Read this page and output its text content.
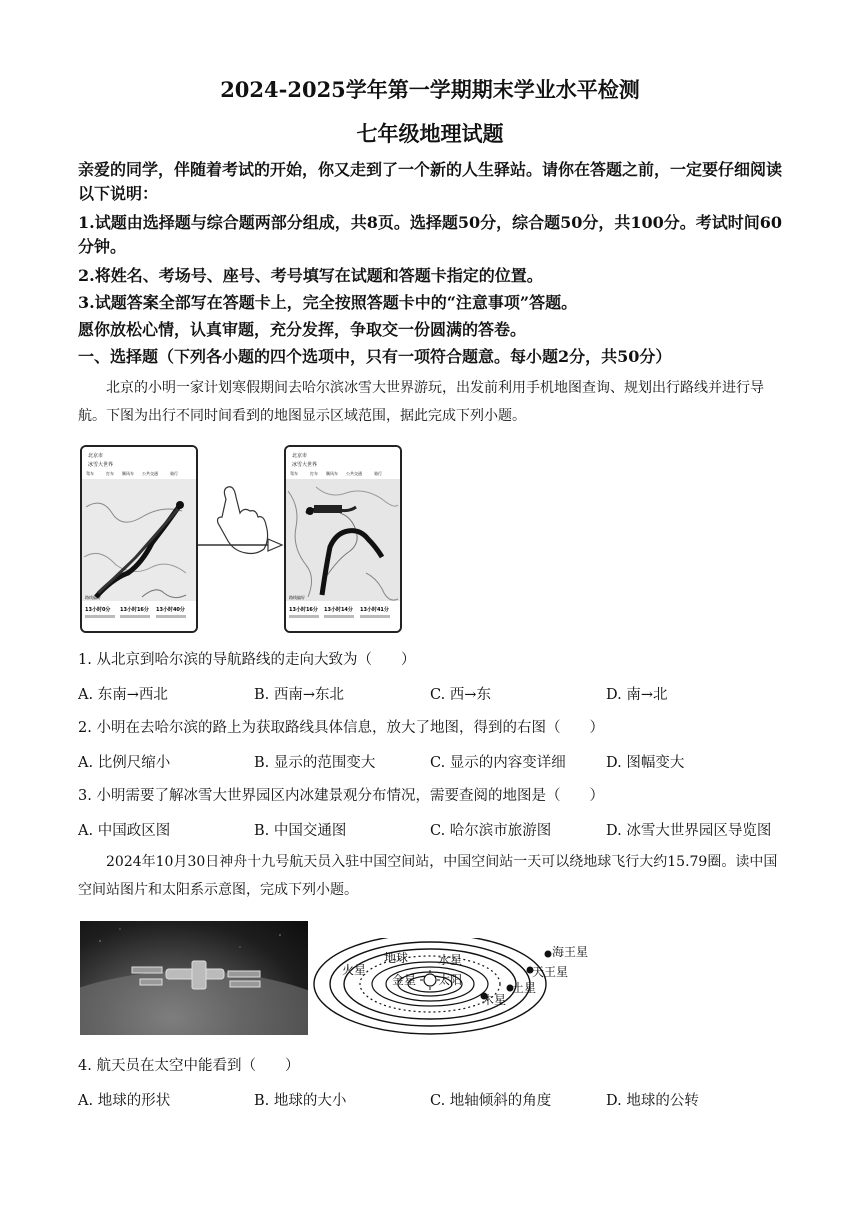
2024-2025学年第一学期期末学业水平检测
七年级地理试题
亲爱的同学，伴随着考试的开始，你又走到了一个新的人生驿站。请你在答题之前，一定要仔细阅读以下说明：
1.试题由选择题与综合题两部分组成，共8页。选择题50分，综合题50分，共100分。考试时间60分钟。
2.将姓名、考场号、座号、考号填写在试题和答题卡指定的位置。
3.试题答案全部写在答题卡上，完全按照答题卡中的“注意事项”答题。
愿你放松心情，认真审题，充分发挥，争取交一份圆满的答卷。
一、选择题（下列各小题的四个选项中，只有一项符合题意。每小题2分，共50分）
北京的小明一家计划寒假期间去哈尔滨冰雪大世界游玩，出发前利用手机地图查询、规划出行路线并进行导航。下图为出行不同时间看到的地图显示区域范围，据此完成下列小题。
北京市
冰雪大世界
驾车	打车 顺风车 公共交通	骑行
13小时0分 13小时16分 13小时40分
路线偏好
北京市
冰雪大世界
驾车	打车 顺风车 公共交通	骑行
13小时16分 13小时14分 13小时41分
路线偏好
1. 从北京到哈尔滨的导航路线的走向大致为（　　）
A. 东南→西北	B. 西南→东北	C. 西→东	D. 南→北
2. 小明在去哈尔滨的路上为获取路线具体信息，放大了地图，得到的右图（　　）
A. 比例尺缩小	B. 显示的范围变大	C. 显示的内容变详细	D. 图幅变大
3. 小明需要了解冰雪大世界园区内冰建景观分布情况，需要查阅的地图是（　　）
A. 中国政区图	B. 中国交通图	C. 哈尔滨市旅游图	D. 冰雪大世界园区导览图
2024年10月30日神舟十九号航天员入驻中国空间站，中国空间站一天可以绕地球飞行大约15.79圈。读中国空间站图片和太阳系示意图，完成下列小题。
火星
地球 水星
金星 太阳
木星
土星
天王星
海王星
4. 航天员在太空中能看到（　　）
A. 地球的形状	B. 地球的大小	C. 地轴倾斜的角度	D. 地球的公转
